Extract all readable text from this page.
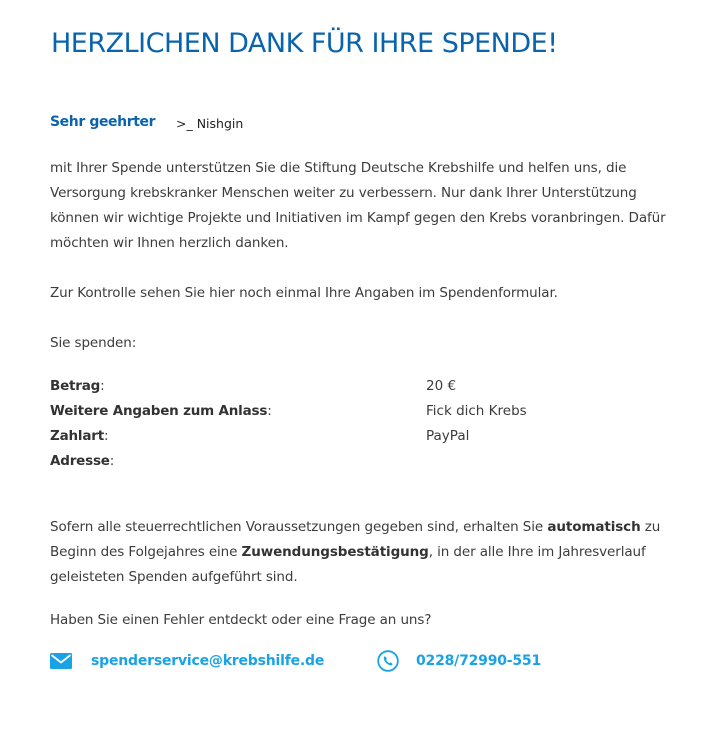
HERZLICHEN DANK FÜR IHRE SPENDE!
Sehr geehrter >_ Nishgin

mit Ihrer Spende unterstützen Sie die Stiftung Deutsche Krebshilfe und helfen uns, die Versorgung krebskranker Menschen weiter zu verbessern. Nur dank Ihrer Unterstützung können wir wichtige Projekte und Initiativen im Kampf gegen den Krebs voranbringen. Dafür möchten wir Ihnen herzlich danken.

Zur Kontrolle sehen Sie hier noch einmal Ihre Angaben im Spendenformular.

Sie spenden:

Betrag:	20 €
Weitere Angaben zum Anlass:	Fick dich Krebs
Zahlart:	PayPal
Adresse:

Sofern alle steuerrechtlichen Voraussetzungen gegeben sind, erhalten Sie automatisch zu Beginn des Folgejahres eine Zuwendungsbestätigung, in der alle Ihre im Jahresverlauf geleisteten Spenden aufgeführt sind.

Haben Sie einen Fehler entdeckt oder eine Frage an uns?

spenderservice@krebshilfe.de	0228/72990-551
